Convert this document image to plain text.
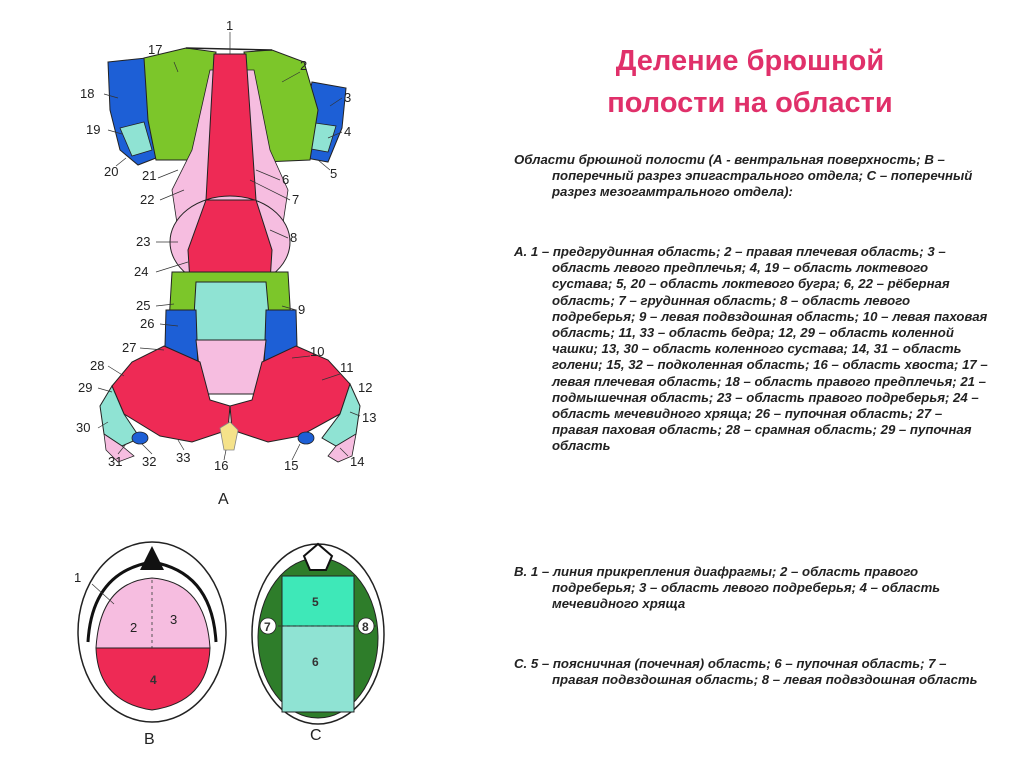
Деление брюшной
полости на области

Области брюшной полости (А - вентральная поверхность; В – поперечный разрез эпигастрального отдела; С – поперечный разрез мезогамтрального отдела):

А. 1 – предгрудинная область; 2 – правая плечевая область; 3 – область левого предплечья; 4, 19 – область локтевого сустава; 5, 20 – область локтевого бугра; 6, 22 – рёберная область; 7 – грудинная область; 8 – область левого подреберья; 9 – левая подвздошная область; 10 – левая паховая область; 11, 33 – область бедра; 12, 29 – область коленной чашки; 13, 30 – область коленного сустава; 14, 31 – область голени; 15, 32 – подколенная область; 16 – область хвоста; 17 – левая плечевая область; 18 – область правого предплечья; 21 – подмышечная область; 23 – область правого подреберья; 24 – область мечевидного хряща; 26 – пупочная область; 27 – правая паховая область; 28 – срамная область; 29 – пупочная область

В. 1 – линия прикрепления диафрагмы; 2 – область правого подреберья; 3 – область левого подреберья; 4 – область мечевидного хряща

С. 5 – поясничная (почечная) область; 6 – пупочная область; 7 – правая подвздошная область; 8 – левая подвздошная область

1
2
3
4
5
6
7
8
9
10
11
12
13
14
15
16
17
18
19
20 21
22
23
24
25
26
27
28
29
30
31 32 33
А
1
2
3
4
В
5
6
7	8
С
